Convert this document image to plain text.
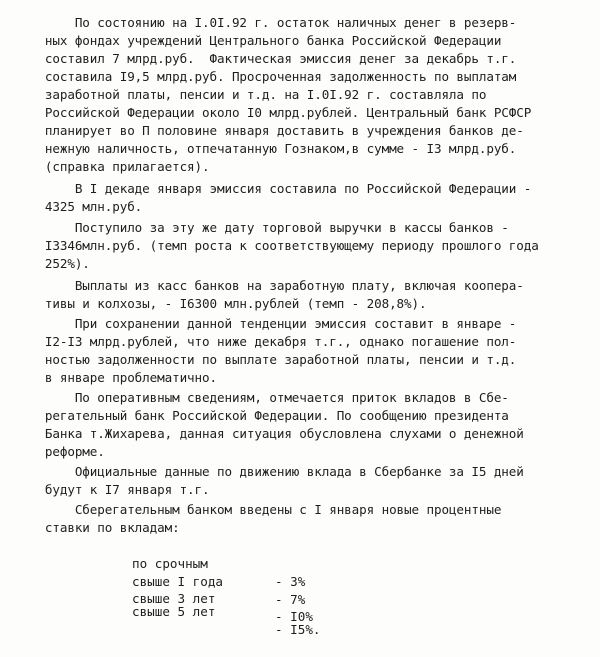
По состоянию на I.0I.92 г. остаток наличных денег в резерв-
ных фондах учреждений Центрального банка Российской Федерации
составил 7 млрд.руб.  Фактическая эмиссия денег за декабрь т.г.
составила I9,5 млрд.руб. Просроченная задолженность по выплатам
заработной платы, пенсии и т.д. на I.0I.92 г. составляла по
Российской Федерации около I0 млрд.рублей. Центральный банк РСФСР
планирует во П половине января доставить в учреждения банков де-
нежную наличность, отпечатанную Гознаком,в сумме - I3 млрд.руб.
(справка прилагается).
В I декаде января эмиссия составила по Российской Федерации -
4325 млн.руб.
Поступило за эту же дату торговой выручки в кассы банков -
I3346млн.руб. (темп роста к соответствующему периоду прошлого года
252%).
Выплаты из касс банков на заработную плату, включая коопера-
тивы и колхозы, - I6300 млн.рублей (темп - 208,8%).
При сохранении данной тенденции эмиссия составит в январе -
I2-I3 млрд.рублей, что ниже декабря т.г., однако погашение пол-
ностью задолженности по выплате заработной платы, пенсии и т.д.
в январе проблематично.
По оперативным сведениям, отмечается приток вкладов в Сбе-
регательный банк Российской Федерации. По сообщению президента
Банка т.Жихарева, данная ситуация обусловлена слухами о денежной
реформе.
Официальные данные по движению вклада в Сбербанке за I5 дней
будут к I7 января т.г.
Сберегательным банком введены с I января новые процентные
ставки по вкладам:

по срочным

- 3%

свыше I года

- 7%

свыше 3 лет

- I0%

свыше 5 лет

- I5%.
